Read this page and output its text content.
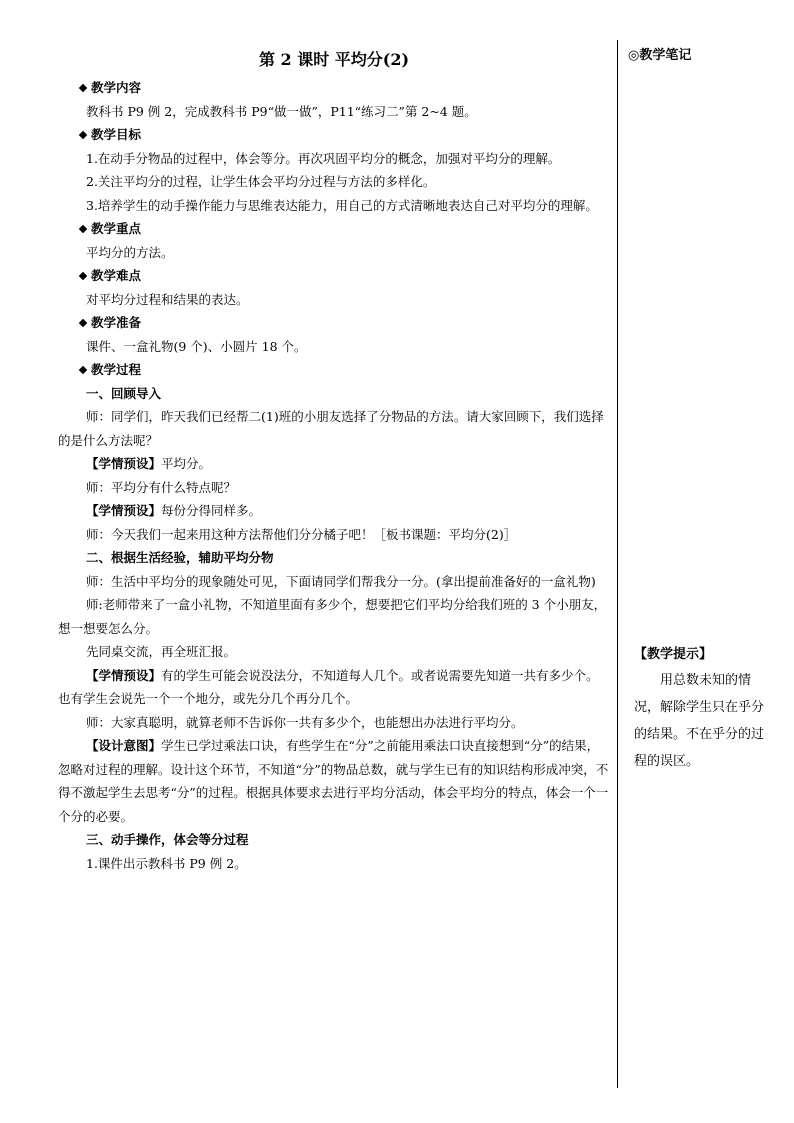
第 2 课时 平均分(2)
教学内容
教科书 P9 例 2，完成教科书 P9“做一做”，P11“练习二”第 2~4 题。
教学目标
1.在动手分物品的过程中，体会等分。再次巩固平均分的概念，加强对平均分的理解。
2.关注平均分的过程，让学生体会平均分过程与方法的多样化。
3.培养学生的动手操作能力与思维表达能力，用自己的方式清晰地表达自己对平均分的理解。
教学重点
平均分的方法。
教学难点
对平均分过程和结果的表达。
教学准备
课件、一盒礼物(9 个)、小圆片 18 个。
教学过程
一、回顾导入
师：同学们，昨天我们已经帮二(1)班的小朋友选择了分物品的方法。请大家回顾下，我们选择的是什么方法呢？
【学情预设】平均分。
师：平均分有什么特点呢？
【学情预设】每份分得同样多。
师：今天我们一起来用这种方法帮他们分分橘子吧！［板书课题：平均分(2)］
二、根据生活经验，辅助平均分物
师：生活中平均分的现象随处可见，下面请同学们帮我分一分。(拿出提前准备好的一盒礼物)
师:老师带来了一盒小礼物，不知道里面有多少个，想要把它们平均分给我们班的 3 个小朋友，想一想要怎么分。
先同桌交流，再全班汇报。
【学情预设】有的学生可能会说没法分，不知道每人几个。或者说需要先知道一共有多少个。也有学生会说先一个一个地分，或先分几个再分几个。
师：大家真聪明，就算老师不告诉你一共有多少个，也能想出办法进行平均分。
【设计意图】学生已学过乘法口诀，有些学生在“分”之前能用乘法口诀直接想到“分”的结果，忽略对过程的理解。设计这个环节，不知道“分”的物品总数，就与学生已有的知识结构形成冲突，不得不激起学生去思考“分”的过程。根据具体要求去进行平均分活动，体会平均分的特点，体会一个一个分的必要。
三、动手操作，体会等分过程
1.课件出示教科书 P9 例 2。
◎教学笔记
【教学提示】
用总数未知的情况，解除学生只在乎分的结果。不在乎分的过程的误区。
